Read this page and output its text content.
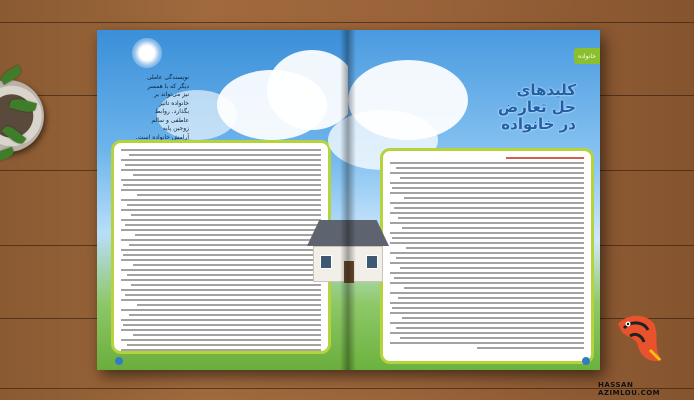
نویسندگی عاملی
دیگر که با همسر
نیز می‌تواند بر
خانواده تاثیر
بگذارد. روابط
عاطفی و سالم
زوجین پایه
آرامش خانواده است.
خانواده
کلیدهای
حل تعارض
در خانواده
HASSAN AZIMLOU.COM
